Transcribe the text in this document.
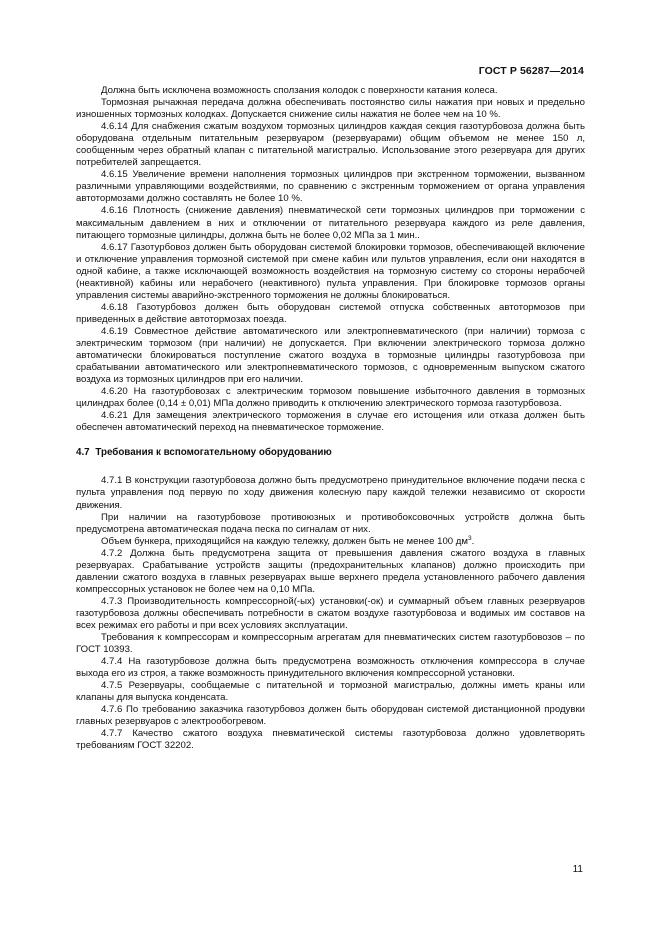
ГОСТ Р 56287—2014

Должна быть исключена возможность сползания колодок с поверхности катания колеса.

Тормозная рычажная передача должна обеспечивать постоянство силы нажатия при новых и предельно изношенных тормозных колодках. Допускается снижение силы нажатия не более чем на 10 %.

4.6.14 Для снабжения сжатым воздухом тормозных цилиндров каждая секция газотурбовоза должна быть оборудована отдельным питательным резервуаром (резервуарами) общим объемом не менее 150 л, сообщенным через обратный клапан с питательной магистралью. Использование этого резервуара для других потребителей запрещается.

4.6.15 Увеличение времени наполнения тормозных цилиндров при экстренном торможении, вызванном различными управляющими воздействиями, по сравнению с экстренным торможением от органа управления автотормозами должно составлять не более 10 %.

4.6.16 Плотность (снижение давления) пневматической сети тормозных цилиндров при торможении с максимальным давлением в них и отключении от питательного резервуара каждого из реле давления, питающего тормозные цилиндры, должна быть не более 0,02 МПа за 1 мин..

4.6.17 Газотурбовоз должен быть оборудован системой блокировки тормозов, обеспечивающей включение и отключение управления тормозной системой при смене кабин или пультов управления, если они находятся в одной кабине, а также исключающей возможность воздействия на тормозную систему со стороны нерабочей (неактивной) кабины или нерабочего (неактивного) пульта управления. При блокировке тормозов органы управления системы аварийно-экстренного торможения не должны блокироваться.

4.6.18 Газотурбовоз должен быть оборудован системой отпуска собственных автотормозов при приведенных в действие автотормозах поезда.

4.6.19 Совместное действие автоматического или электропневматического (при наличии) тормоза с электрическим тормозом (при наличии) не допускается. При включении электрического тормоза должно автоматически блокироваться поступление сжатого воздуха в тормозные цилиндры газотурбовоза при срабатывании автоматического или электропневматического тормозов, с одновременным выпуском сжатого воздуха из тормозных цилиндров при его наличии.

4.6.20 На газотурбовозах с электрическим тормозом повышение избыточного давления в тормозных цилиндрах более (0,14 ± 0,01) МПа должно приводить к отключению электрического тормоза газотурбовоза.

4.6.21 Для замещения электрического торможения в случае его истощения или отказа должен быть обеспечен автоматический переход на пневматическое торможение.

4.7 Требования к вспомогательному оборудованию

4.7.1 В конструкции газотурбовоза должно быть предусмотрено принудительное включение подачи песка с пульта управления под первую по ходу движения колесную пару каждой тележки независимо от скорости движения.

При наличии на газотурбовозе противоюзных и противобоксовочных устройств должна быть предусмотрена автоматическая подача песка по сигналам от них.

Объем бункера, приходящийся на каждую тележку, должен быть не менее 100 $дм^3$.

4.7.2 Должна быть предусмотрена защита от превышения давления сжатого воздуха в главных резервуарах. Срабатывание устройств защиты (предохранительных клапанов) должно происходить при давлении сжатого воздуха в главных резервуарах выше верхнего предела установленного рабочего давления компрессорных установок не более чем на 0,10 МПа.

4.7.3 Производительность компрессорной(-ых) установки(-ок) и суммарный объем главных резервуаров газотурбовоза должны обеспечивать потребности в сжатом воздухе газотурбовоза и водимых им составов на всех режимах его работы и при всех условиях эксплуатации.

Требования к компрессорам и компрессорным агрегатам для пневматических систем газотурбовозов – по ГОСТ 10393.

4.7.4 На газотурбовозе должна быть предусмотрена возможность отключения компрессора в случае выхода его из строя, а также возможность принудительного включения компрессорной установки.

4.7.5 Резервуары, сообщаемые с питательной и тормозной магистралью, должны иметь краны или клапаны для выпуска конденсата.

4.7.6 По требованию заказчика газотурбовоз должен быть оборудован системой дистанционной продувки главных резервуаров с электрообогревом.

4.7.7 Качество сжатого воздуха пневматической системы газотурбовоза должно удовлетворять требованиям ГОСТ 32202.

11
